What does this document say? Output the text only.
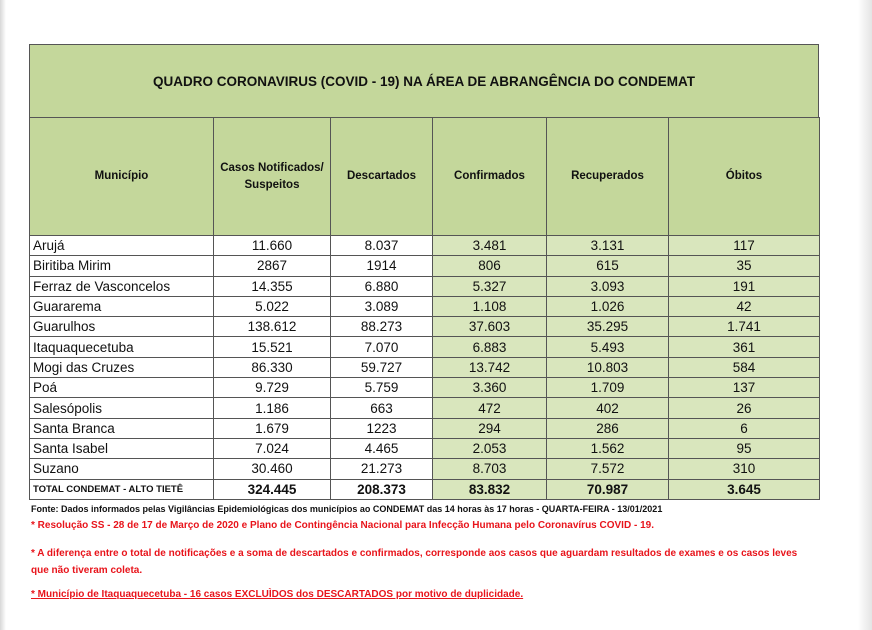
QUADRO CORONAVIRUS (COVID - 19) NA ÁREA DE ABRANGÊNCIA DO CONDEMAT
Município	Casos Notificados/ Suspeitos	Descartados	Confirmados	Recuperados	Óbitos
Arujá	11.660	8.037	3.481	3.131	117
Biritiba Mirim	2867	1914	806	615	35
Ferraz de Vasconcelos	14.355	6.880	5.327	3.093	191
Guararema	5.022	3.089	1.108	1.026	42
Guarulhos	138.612	88.273	37.603	35.295	1.741
Itaquaquecetuba	15.521	7.070	6.883	5.493	361
Mogi das Cruzes	86.330	59.727	13.742	10.803	584
Poá	9.729	5.759	3.360	1.709	137
Salesópolis	1.186	663	472	402	26
Santa Branca	1.679	1223	294	286	6
Santa Isabel	7.024	4.465	2.053	1.562	95
Suzano	30.460	21.273	8.703	7.572	310
TOTAL CONDEMAT - ALTO TIETÊ	324.445	208.373	83.832	70.987	3.645
Fonte: Dados informados pelas Vigilâncias Epidemiológicas dos municípios ao CONDEMAT das 14 horas às 17 horas - QUARTA-FEIRA - 13/01/2021
* Resolução SS - 28 de 17 de Março de 2020 e Plano de Contingência Nacional para Infecção Humana pelo Coronavírus COVID - 19.
* A diferença entre o total de notificações e a soma de descartados e confirmados, corresponde aos casos que aguardam resultados de exames e os casos leves que não tiveram coleta.
* Município de Itaquaquecetuba - 16 casos EXCLUÌDOS dos DESCARTADOS por motivo de duplicidade.
